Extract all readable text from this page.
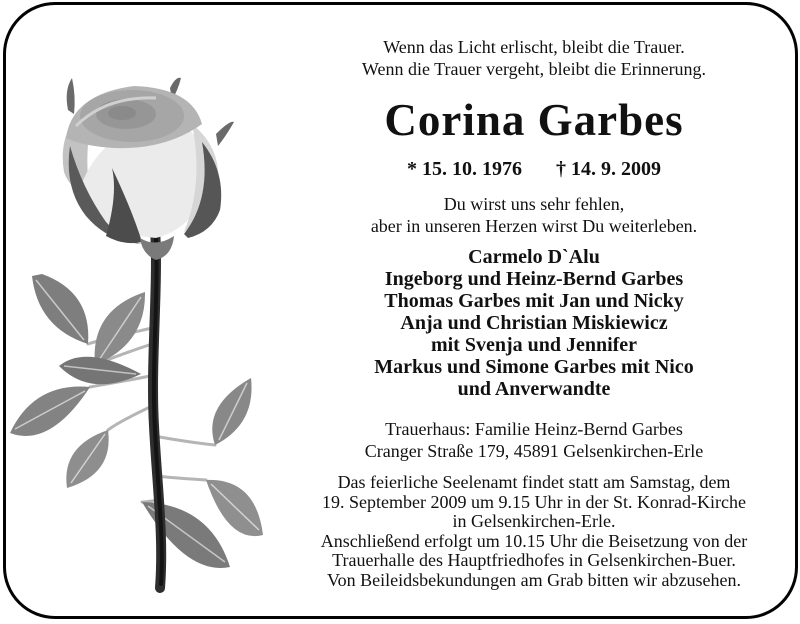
Wenn das Licht erlischt, bleibt die Trauer.
Wenn die Trauer vergeht, bleibt die Erinnerung.
Corina Garbes
* 15. 10. 1976 † 14. 9. 2009
Du wirst uns sehr fehlen,
aber in unseren Herzen wirst Du weiterleben.
Carmelo D`Alu
Ingeborg und Heinz-Bernd Garbes
Thomas Garbes mit Jan und Nicky
Anja und Christian Miskiewicz
mit Svenja und Jennifer
Markus und Simone Garbes mit Nico
und Anverwandte
Trauerhaus: Familie Heinz-Bernd Garbes
Cranger Straße 179, 45891 Gelsenkirchen-Erle
Das feierliche Seelenamt findet statt am Samstag, dem
19. September 2009 um 9.15 Uhr in der St. Konrad-Kirche
in Gelsenkirchen-Erle.
Anschließend erfolgt um 10.15 Uhr die Beisetzung von der
Trauerhalle des Hauptfriedhofes in Gelsenkirchen-Buer.
Von Beileidsbekundungen am Grab bitten wir abzusehen.
